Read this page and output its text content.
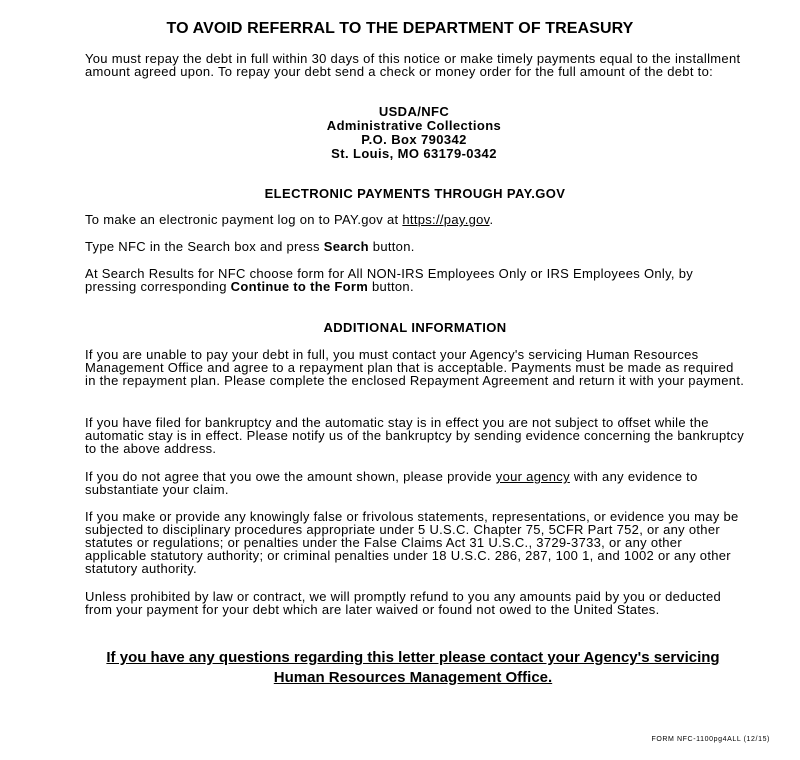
TO AVOID REFERRAL TO THE DEPARTMENT OF TREASURY
You must repay the debt in full within 30 days of this notice or make timely payments equal to the installment amount agreed upon. To repay your debt send a check or money order for the full amount of the debt to:
USDA/NFC
Administrative Collections
P.O. Box 790342
St. Louis, MO 63179-0342
ELECTRONIC PAYMENTS THROUGH PAY.GOV
To make an electronic payment log on to PAY.gov at https://pay.gov.
Type NFC in the Search box and press Search button.
At Search Results for NFC choose form for All NON-IRS Employees Only or IRS Employees Only, by pressing corresponding Continue to the Form button.
ADDITIONAL INFORMATION
If you are unable to pay your debt in full, you must contact your Agency's servicing Human Resources Management Office and agree to a repayment plan that is acceptable. Payments must be made as required in the repayment plan. Please complete the enclosed Repayment Agreement and return it with your payment.
If you have filed for bankruptcy and the automatic stay is in effect you are not subject to offset while the automatic stay is in effect. Please notify us of the bankruptcy by sending evidence concerning the bankruptcy to the above address.
If you do not agree that you owe the amount shown, please provide your agency with any evidence to substantiate your claim.
If you make or provide any knowingly false or frivolous statements, representations, or evidence you may be subjected to disciplinary procedures appropriate under 5 U.S.C. Chapter 75, 5CFR Part 752, or any other statutes or regulations; or penalties under the False Claims Act 31 U.S.C., 3729-3733, or any other applicable statutory authority; or criminal penalties under 18 U.S.C. 286, 287, 100 1, and 1002 or any other statutory authority.
Unless prohibited by law or contract, we will promptly refund to you any amounts paid by you or deducted from your payment for your debt which are later waived or found not owed to the United States.
If you have any questions regarding this letter please contact your Agency's servicing
Human Resources Management Office.
FORM NFC-1100pg4ALL (12/15)
